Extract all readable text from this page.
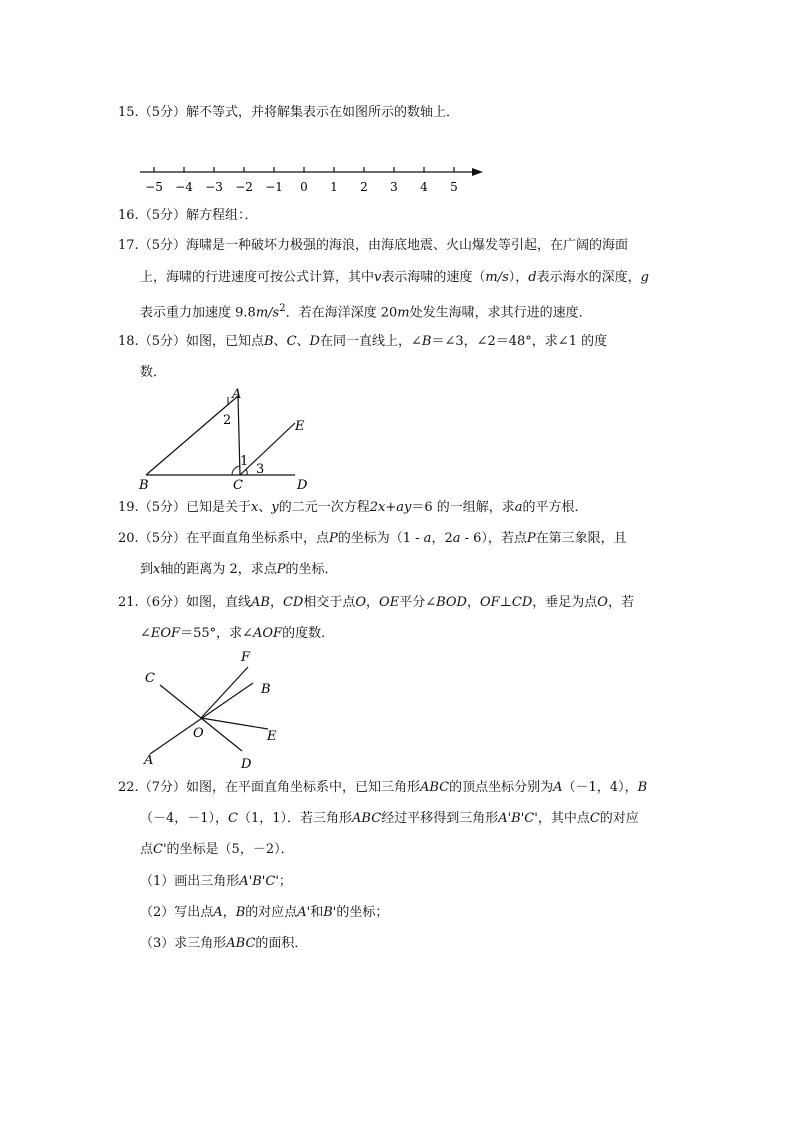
15.（5分）解不等式，并将解集表示在如图所示的数轴上．
−5 −4 −3 −2 −1 0 1 2 3 4 5
16.（5分）解方程组：．
17.（5分）海啸是一种破坏力极强的海浪，由海底地震、火山爆发等引起，在广阔的海面
上，海啸的行进速度可按公式计算，其中v表示海啸的速度（m/s），d表示海水的深度，g
表示重力加速度 $9.8m/s^2$．若在海洋深度 20m处发生海啸，求其行进的速度．
18.（5分）如图，已知点B、C、D在同一直线上，∠B＝∠3，∠2＝48°，求∠1 的度
数．
A
B	C	D
E
1
2
3
19.（5分）已知是关于x、y的二元一次方程2x+ay＝6 的一组解，求a的平方根．
20.（5分）在平面直角坐标系中，点P的坐标为（1 - a，2a - 6），若点P在第三象限，且
到x轴的距离为 2，求点P的坐标．
21.（6分）如图，直线AB，CD相交于点O，OE平分∠BOD，OF⊥CD，垂足为点O，若
∠EOF＝55°，求∠AOF的度数．
C
F
B
O	E
A	D
22.（7分）如图，在平面直角坐标系中，已知三角形ABC的顶点坐标分别为A（－1，4），B
（－4，－1），C（1，1）．若三角形ABC经过平移得到三角形A'B'C'，其中点C的对应
点C'的坐标是（5，－2）．
（1）画出三角形A'B'C'；
（2）写出点A，B的对应点A'和B'的坐标；
（3）求三角形ABC的面积．
